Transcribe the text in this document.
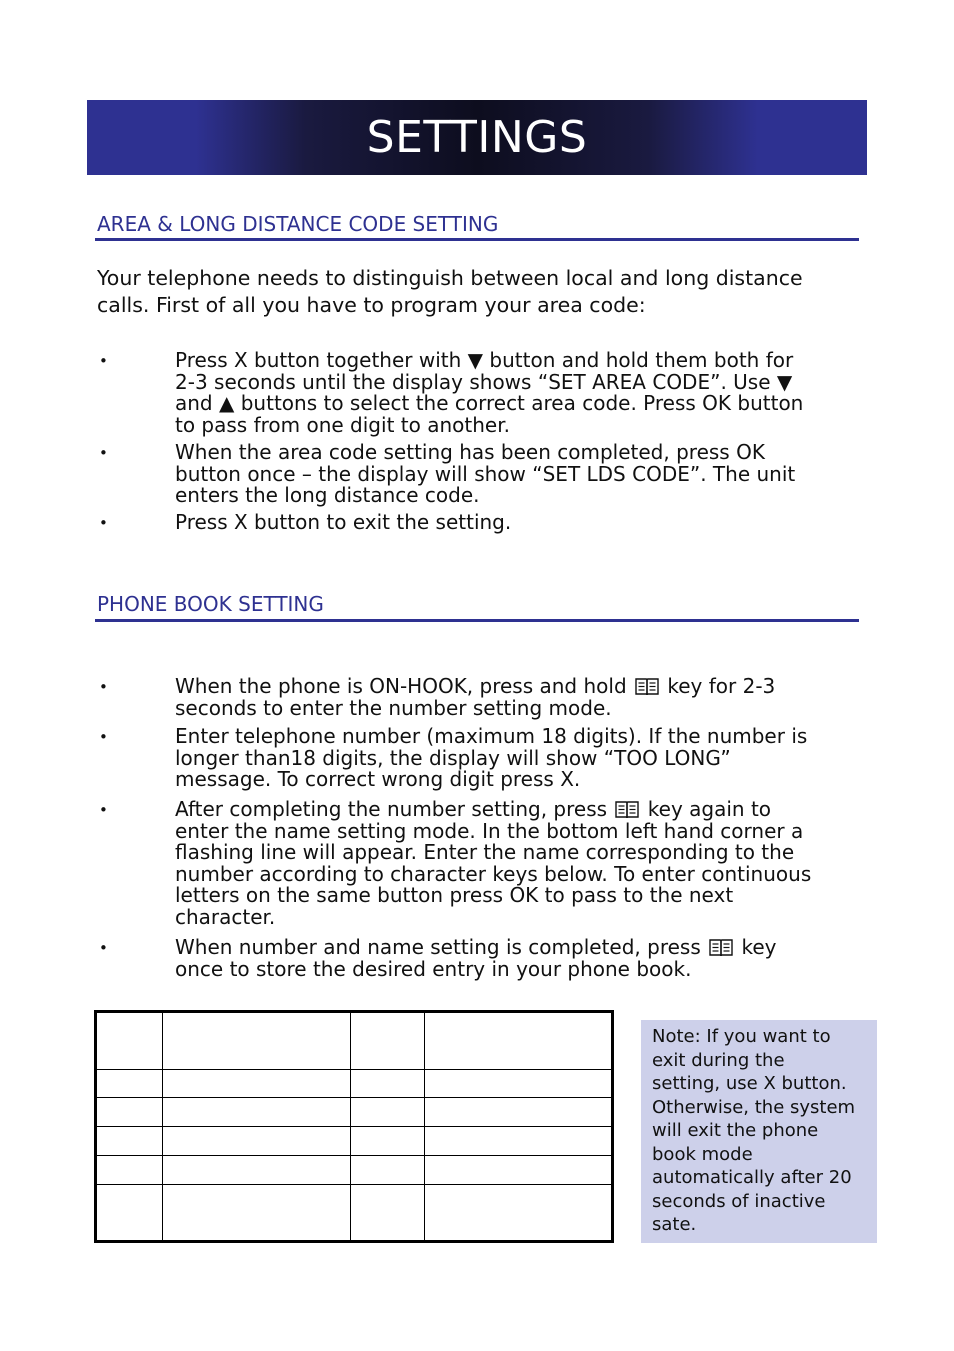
SETTINGS
AREA & LONG DISTANCE CODE SETTING
Your telephone needs to distinguish between local and long distance
calls. First of all you have to program your area code:
•	Press X button together with ▼ button and hold them both for
2-3 seconds until the display shows “SET AREA CODE”. Use ▼
and ▲ buttons to select the correct area code. Press OK button
to pass from one digit to another.
•	When the area code setting has been completed, press OK
button once – the display will show “SET LDS CODE”. The unit
enters the long distance code.
•	Press X button to exit the setting.
PHONE BOOK SETTING
•	When the phone is ON-HOOK, press and hold
key for 2-3
seconds to enter the number setting mode.
•	Enter telephone number (maximum 18 digits). If the number is
longer than18 digits, the display will show “TOO LONG”
message. To correct wrong digit press X.
•	After completing the number setting, press
key again to
enter the name setting mode. In the bottom left hand corner a
flashing line will appear. Enter the name corresponding to the
number according to character keys below. To enter continuous
letters on the same button press OK to pass to the next
character.
•	When number and name setting is completed, press
key
once to store the desired entry in your phone book.

Note: If you want to
exit during the
setting, use X button.
Otherwise, the system
will exit the phone
book mode
automatically after 20
seconds of inactive
sate.
